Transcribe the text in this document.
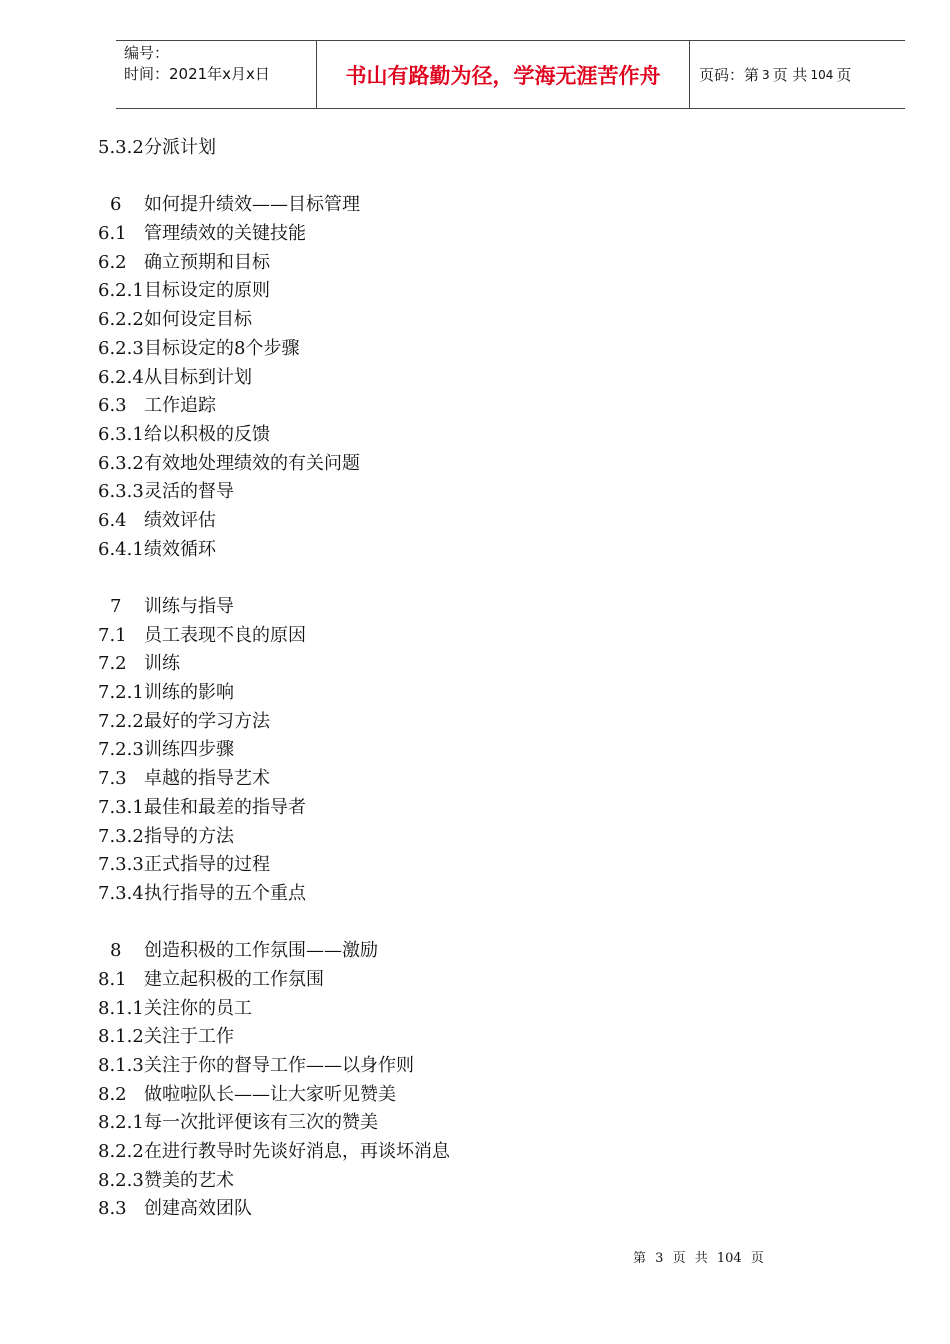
编号：
时间：2021年x月x日	书山有路勤为径，学海无涯苦作舟	页码：第 3 页 共 104 页
5.3.2分派计划
6 如何提升绩效——目标管理
6.1 管理绩效的关键技能
6.2 确立预期和目标
6.2.1目标设定的原则
6.2.2如何设定目标
6.2.3目标设定的8个步骤
6.2.4从目标到计划
6.3 工作追踪
6.3.1给以积极的反馈
6.3.2有效地处理绩效的有关问题
6.3.3灵活的督导
6.4 绩效评估
6.4.1绩效循环
7 训练与指导
7.1 员工表现不良的原因
7.2 训练
7.2.1训练的影响
7.2.2最好的学习方法
7.2.3训练四步骤
7.3 卓越的指导艺术
7.3.1最佳和最差的指导者
7.3.2指导的方法
7.3.3正式指导的过程
7.3.4执行指导的五个重点
8 创造积极的工作氛围——激励
8.1 建立起积极的工作氛围
8.1.1关注你的员工
8.1.2关注于工作
8.1.3关注于你的督导工作——以身作则
8.2 做啦啦队长——让大家听见赞美
8.2.1每一次批评便该有三次的赞美
8.2.2在进行教导时先谈好消息，再谈坏消息
8.2.3赞美的艺术
8.3 创建高效团队
第 3 页 共 104 页
